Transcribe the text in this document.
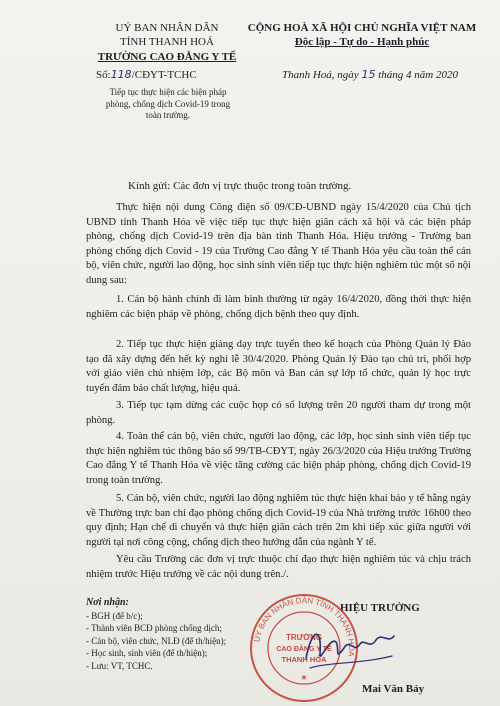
UỶ BAN NHÂN DÂN
TỈNH THANH HOÁ
TRƯỜNG CAO ĐẲNG Y TẾ
Số:118/CĐYT-TCHC
Tiếp tục thực hiện các biện pháp
phòng, chống dịch Covid-19 trong
toàn trường.
CỘNG HOÀ XÃ HỘI CHỦ NGHĨA VIỆT NAM
Độc lập - Tự do - Hạnh phúc
Thanh Hoá, ngày 15 tháng 4 năm 2020
Kính gửi: Các đơn vị trực thuộc trong toàn trường.
Thực hiện nội dung Công điện số 09/CĐ-UBND ngày 15/4/2020 của Chủ tịch UBND tỉnh Thanh Hóa về việc tiếp tục thực hiện giãn cách xã hội và các biện pháp phòng, chống dịch Covid-19 trên địa bàn tỉnh Thanh Hóa. Hiệu trưởng - Trường ban phòng chống dịch Covid - 19 của Trường Cao đẳng Y tế Thanh Hóa yêu cầu toàn thể cán bộ, viên chức, người lao động, học sinh sinh viên tiếp tục thực hiện nghiêm túc một số nội dung sau:
1. Cán bộ hành chính đi làm bình thường từ ngày 16/4/2020, đồng thời thực hiện nghiêm các biện pháp về phòng, chống dịch bệnh theo quy định.
2. Tiếp tục thực hiện giảng dạy trực tuyến theo kế hoạch của Phòng Quản lý Đào tạo đã xây dựng đến hết kỳ nghỉ lễ 30/4/2020. Phòng Quản lý Đào tạo chủ trì, phối hợp với giáo viên chủ nhiệm lớp, các Bộ môn và Ban cán sự lớp tổ chức, quản lý học trực tuyến đảm bảo chất lượng, hiệu quả.
3. Tiếp tục tạm dừng các cuộc họp có số lượng trên 20 người tham dự trong một phòng.
4. Toàn thể cán bộ, viên chức, người lao động, các lớp, học sinh sinh viên tiếp tục thực hiện nghiêm túc thông báo số 99/TB-CĐYT, ngày 26/3/2020 của Hiệu trưởng Trường Cao đẳng Y tế Thanh Hóa về việc tăng cường các biện pháp phòng, chống dịch Covid-19 trong toàn trường.
5. Cán bộ, viên chức, người lao động nghiêm túc thực hiện khai báo y tế hằng ngày về Thường trực ban chỉ đạo phòng chống dịch Covid-19 của Nhà trường trước 16h00 theo quy định; Hạn chế di chuyển và thực hiện giãn cách trên 2m khi tiếp xúc giữa người với người tại nơi công cộng, chống dịch theo hướng dẫn của ngành Y tế.
Yêu cầu Trường các đơn vị trực thuộc chỉ đạo thực hiện nghiêm túc và chịu trách nhiệm trước Hiệu trưởng về các nội dung trên./.
Nơi nhận:
- BGH (để b/c);
- Thành viên BCĐ phòng chống dịch;
- Cán bộ, viên chức, NLĐ (để th/hiện);
- Học sinh, sinh viên (để th/hiện);
- Lưu: VT, TCHC.
HIỆU TRƯỞNG
ỦY BAN NHÂN DÂN TỈNH THANH HÓA
TRƯỜNG
CAO ĐẲNG Y TẾ
THANH HÓA
★
Mai Văn Bảy
